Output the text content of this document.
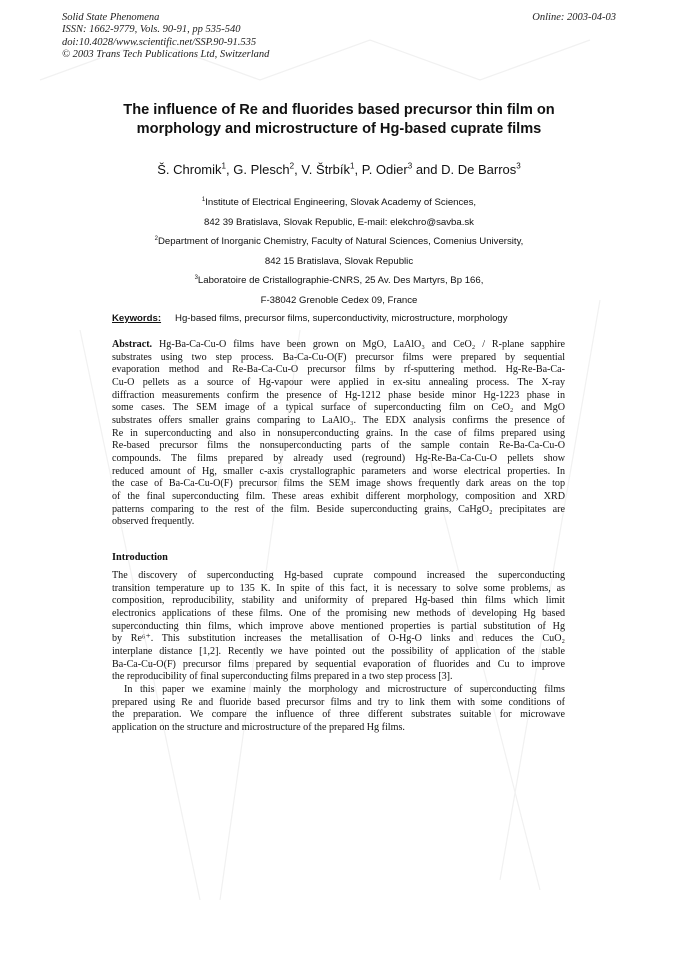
Solid State Phenomena
ISSN: 1662-9779, Vols. 90-91, pp 535-540
doi:10.4028/www.scientific.net/SSP.90-91.535
© 2003 Trans Tech Publications Ltd, Switzerland
Online: 2003-04-03
The influence of Re and fluorides based precursor thin film on
morphology and microstructure of Hg-based cuprate films
Š. Chromik$^1$, G. Plesch$^2$, V. Štrbík$^1$, P. Odier$^3$ and D. De Barros$^3$
$^1$Institute of Electrical Engineering, Slovak Academy of Sciences,
842 39 Bratislava, Slovak Republic, E-mail: elekchro@savba.sk
$^2$Department of Inorganic Chemistry, Faculty of Natural Sciences, Comenius University,
842 15 Bratislava, Slovak Republic
$^3$Laboratoire de Cristallographie-CNRS, 25 Av. Des Martyrs, Bp 166,
F-38042 Grenoble Cedex 09, France
Keywords: Hg-based films, precursor films, superconductivity, microstructure, morphology
Abstract. Hg-Ba-Ca-Cu-O films have been grown on MgO, LaAlO₃ and CeO₂ / R-plane sapphire
substrates using two step process. Ba-Ca-Cu-O(F) precursor films were prepared by sequential
evaporation method and Re-Ba-Ca-Cu-O precursor films by rf-sputtering method. Hg-Re-Ba-Ca-
Cu-O pellets as a source of Hg-vapour were applied in ex-situ annealing process. The X-ray
diffraction measurements confirm the presence of Hg-1212 phase beside minor Hg-1223 phase in
some cases. The SEM image of a typical surface of superconducting film on CeO₂ and MgO
substrates offers smaller grains comparing to LaAlO₃. The EDX analysis confirms the presence of
Re in superconducting and also in nonsuperconducting grains. In the case of films prepared using
Re-based precursor films the nonsuperconducting parts of the sample contain Re-Ba-Ca-Cu-O
compounds. The films prepared by already used (reground) Hg-Re-Ba-Ca-Cu-O pellets show
reduced amount of Hg, smaller c-axis crystallographic parameters and worse electrical properties. In
the case of Ba-Ca-Cu-O(F) precursor films the SEM image shows frequently dark areas on the top
of the final superconducting film. These areas exhibit different morphology, composition and XRD
patterns comparing to the rest of the film. Beside superconducting grains, CaHgO₂ precipitates are
observed frequently.
Introduction
The discovery of superconducting Hg-based cuprate compound increased the superconducting
transition temperature up to 135 K. In spite of this fact, it is necessary to solve some problems, as
composition, reproducibility, stability and uniformity of prepared Hg-based thin films which limit
electronics applications of these films. One of the promising new methods of developing Hg based
superconducting thin films, which improve above mentioned properties is partial substitution of Hg
by Re⁶⁺. This substitution increases the metallisation of O-Hg-O links and reduces the CuO₂
interplane distance [1,2]. Recently we have pointed out the possibility of application of the stable
Ba-Ca-Cu-O(F) precursor films prepared by sequential evaporation of fluorides and Cu to improve
the reproducibility of final superconducting films prepared in a two step process [3].
In this paper we examine mainly the morphology and microstructure of superconducting films
prepared using Re and fluoride based precursor films and try to link them with some conditions of
the preparation. We compare the influence of three different substrates suitable for microwave
application on the structure and microstructure of the prepared Hg films.
